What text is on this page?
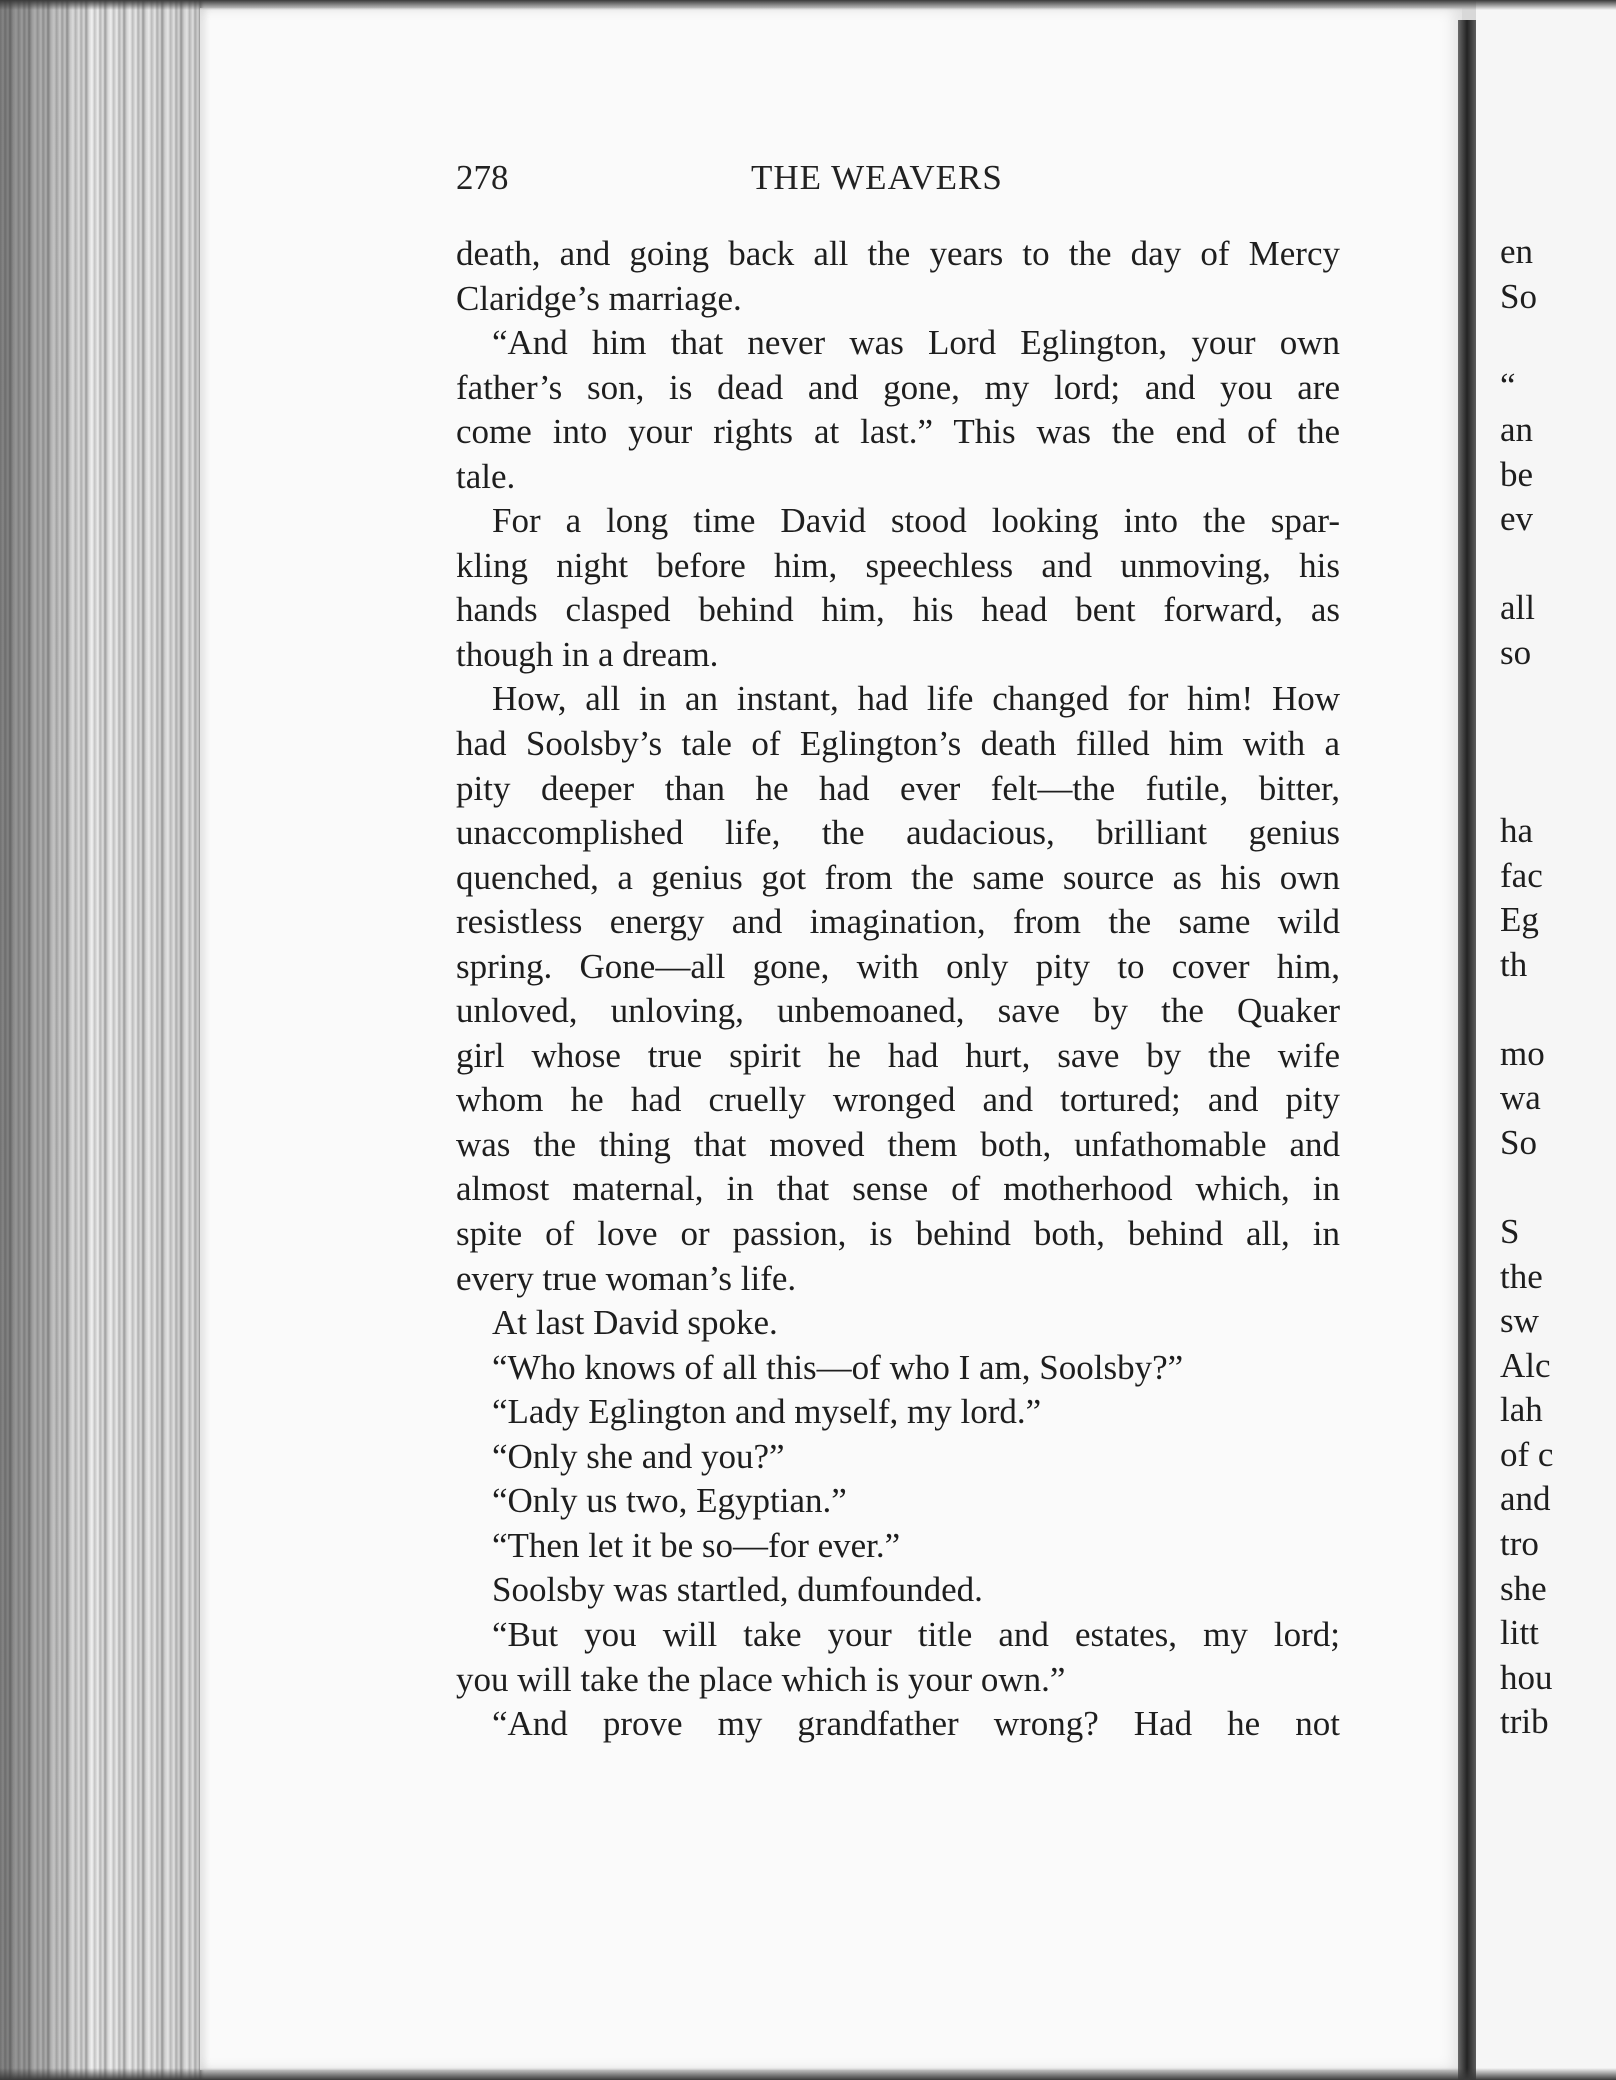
en
So
“
an
be
ev
all
so
ha
fac
Eg
th
mo
wa
So
S
the
sw
Alc
lah
of c
and
tro
she
litt
hou
trib
278	THE WEAVERS
death, and going back all the years to the day of Mercy
Claridge’s marriage.
“And him that never was Lord Eglington, your own
father’s son, is dead and gone, my lord; and you are
come into your rights at last.” This was the end of the
tale.
For a long time David stood looking into the spar-
kling night before him, speechless and unmoving, his
hands clasped behind him, his head bent forward, as
though in a dream.
How, all in an instant, had life changed for him! How
had Soolsby’s tale of Eglington’s death filled him with a
pity deeper than he had ever felt—the futile, bitter,
unaccomplished life, the audacious, brilliant genius
quenched, a genius got from the same source as his own
resistless energy and imagination, from the same wild
spring. Gone—all gone, with only pity to cover him,
unloved, unloving, unbemoaned, save by the Quaker
girl whose true spirit he had hurt, save by the wife
whom he had cruelly wronged and tortured; and pity
was the thing that moved them both, unfathomable and
almost maternal, in that sense of motherhood which, in
spite of love or passion, is behind both, behind all, in
every true woman’s life.
At last David spoke.
“Who knows of all this—of who I am, Soolsby?”
“Lady Eglington and myself, my lord.”
“Only she and you?”
“Only us two, Egyptian.”
“Then let it be so—for ever.”
Soolsby was startled, dumfounded.
“But you will take your title and estates, my lord;
you will take the place which is your own.”
“And prove my grandfather wrong? Had he not
